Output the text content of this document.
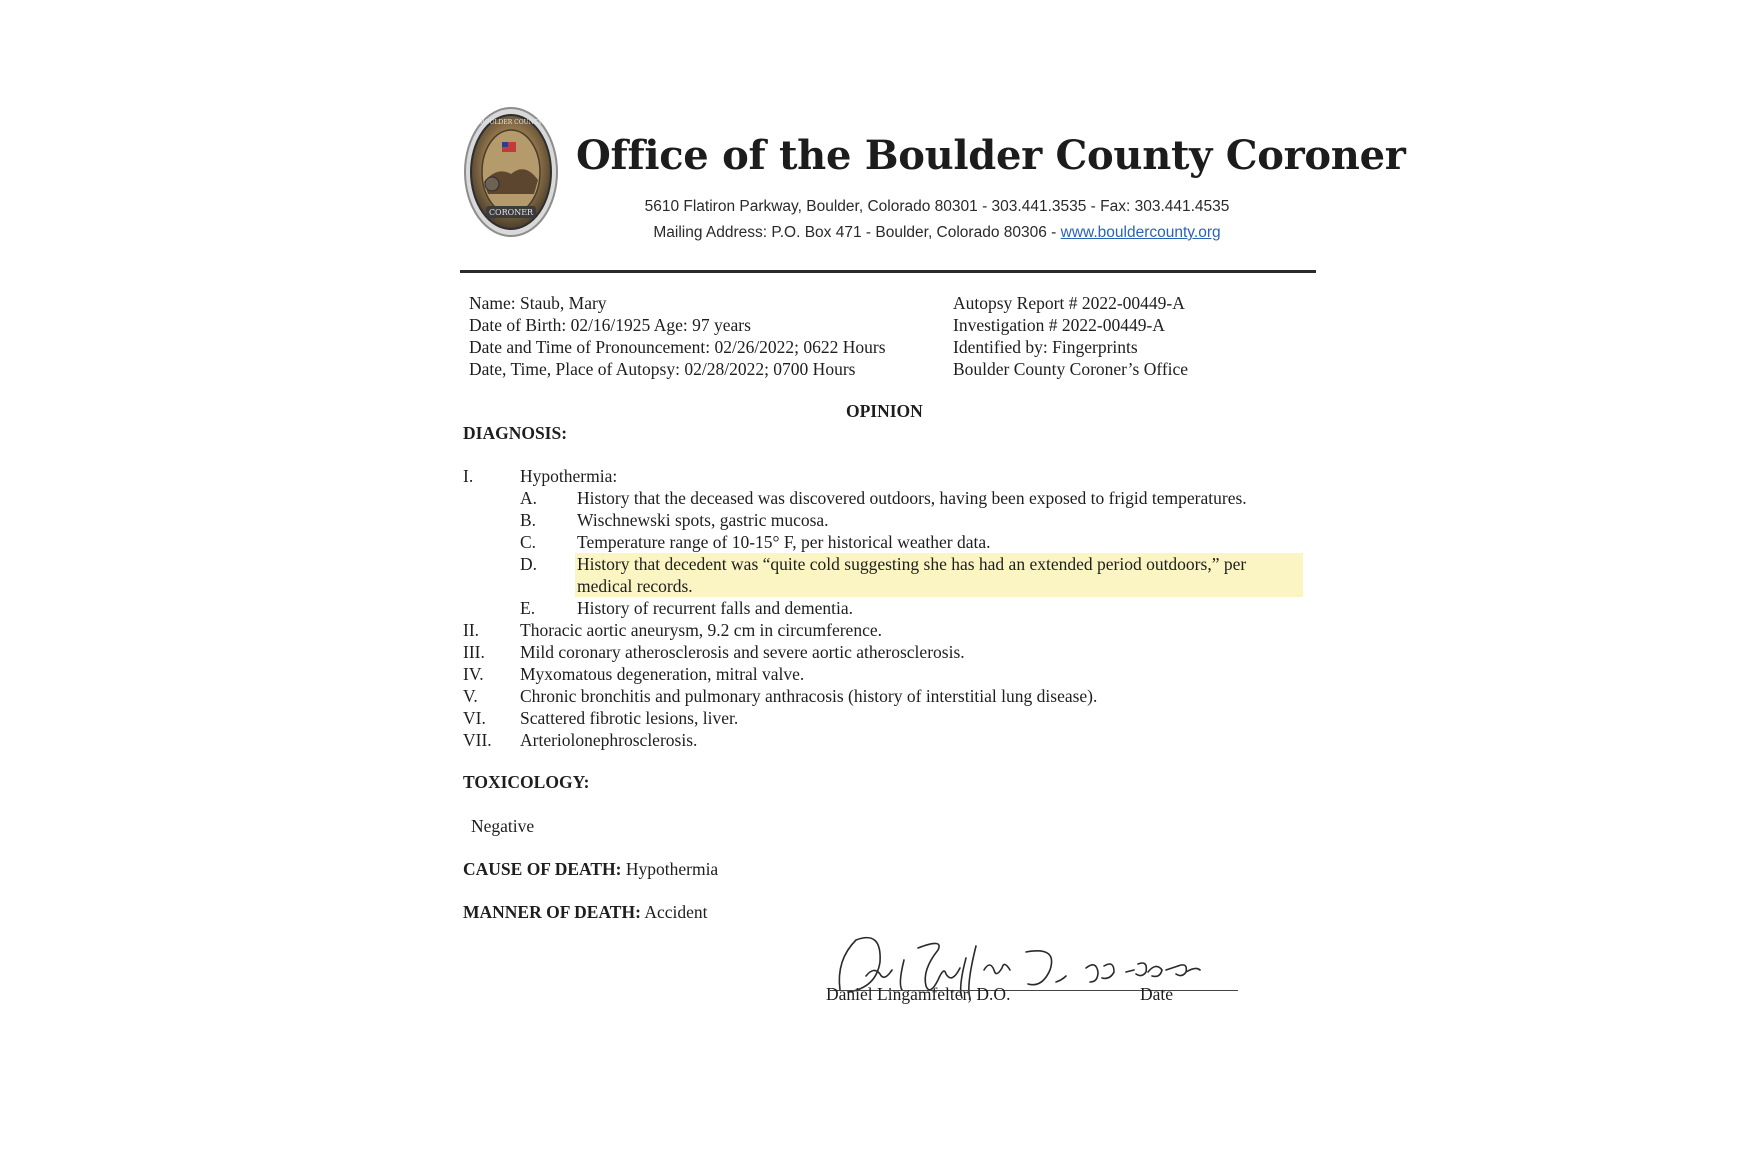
CORONER
BOULDER COUNTY
Office of the Boulder County Coroner
5610 Flatiron Parkway, Boulder, Colorado 80301 - 303.441.3535 - Fax: 303.441.4535
Mailing Address: P.O. Box 471 - Boulder, Colorado 80306 - www.bouldercounty.org
Name: Staub, Mary
Date of Birth: 02/16/1925 Age: 97 years
Date and Time of Pronouncement: 02/26/2022; 0622 Hours
Date, Time, Place of Autopsy: 02/28/2022; 0700 Hours
Autopsy Report # 2022-00449-A
Investigation # 2022-00449-A
Identified by: Fingerprints
Boulder County Coroner’s Office
OPINION
DIAGNOSIS:
I.	Hypothermia:
A. History that the deceased was discovered outdoors, having been exposed to frigid temperatures.
B. Wischnewski spots, gastric mucosa.
C. Temperature range of 10-15° F, per historical weather data.
D. History that decedent was “quite cold suggesting she has had an extended period outdoors,” per
medical records.
E. History of recurrent falls and dementia.
II. Thoracic aortic aneurysm, 9.2 cm in circumference.
III. Mild coronary atherosclerosis and severe aortic atherosclerosis.
IV. Myxomatous degeneration, mitral valve.
V. Chronic bronchitis and pulmonary anthracosis (history of interstitial lung disease).
VI. Scattered fibrotic lesions, liver.
VII. Arteriolonephrosclerosis.
TOXICOLOGY:
Negative
CAUSE OF DEATH: Hypothermia
MANNER OF DEATH: Accident
Daniel Lingamfelter, D.O.	Date
